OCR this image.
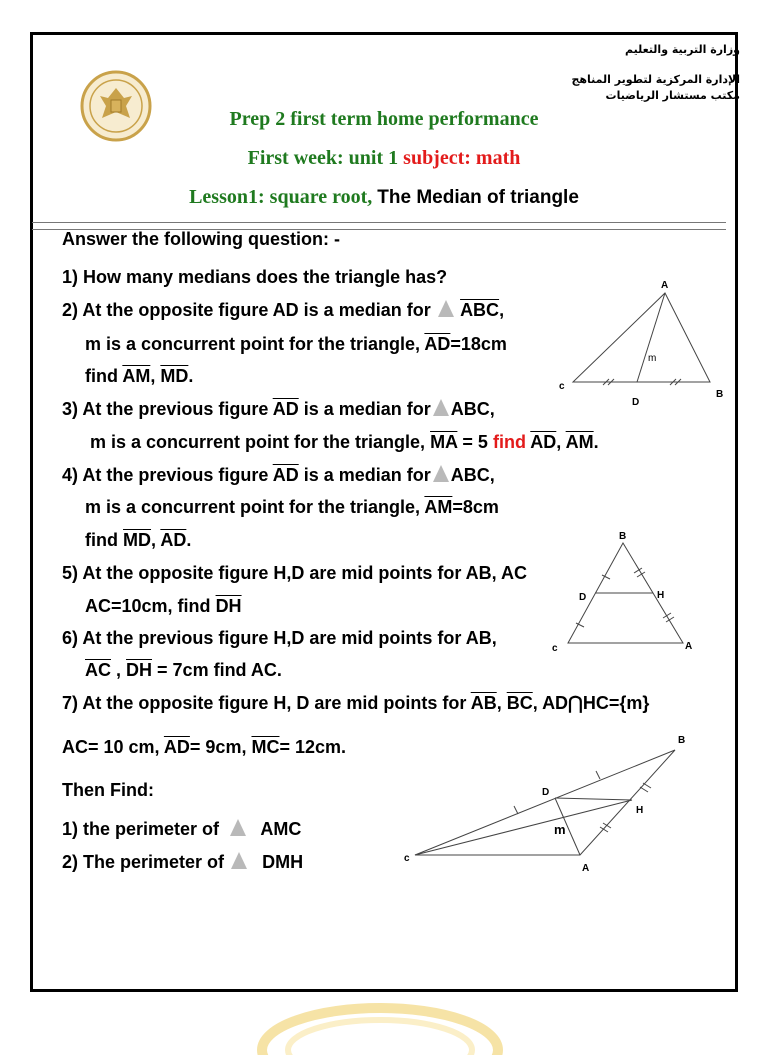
وزارة التربية والتعليم
الإدارة المركزية لتطوير المناهج
مكتب مستشار الرياضيات
Prep 2 first term home performance
First week: unit 1 subject: math
Lesson1: square root, The Median of triangle
Answer the following question: -
1) How many medians does the triangle has?
2) At the opposite figure AD is a median for $\overline{ABC}$,
m is a concurrent point for the triangle, $\overline{AD}=18cm$
find $\overline{AM}$, $\overline{MD}$.
3) At the previous figure $\overline{AD}$ is a median for ABC,
m is a concurrent point for the triangle, $\overline{MA} = 5$ find $\overline{AD}$, $\overline{AM}$.
4) At the previous figure $\overline{AD}$ is a median for ABC,
m is a concurrent point for the triangle, $\overline{AM}=8cm$
find $\overline{MD}$, $\overline{AD}$.
5) At the opposite figure H,D are mid points for AB, AC
AC=10cm, find $\overline{DH}$
6) At the previous figure H,D are mid points for AB,
$\overline{AC}$ , $\overline{DH} = 7cm$ find AC.
7) At the opposite figure H, D are mid points for $\overline{AB}$, $\overline{BC}$, AD⋂HC={m}
AC= 10 cm, $\overline{AD}= 9cm$, $\overline{MC}= 12cm$.
Then Find:
1) the perimeter of AMC
2) The perimeter of DMH
A
B
c
D
m
B
D	H
c	A
B
D
H
m
c
A
